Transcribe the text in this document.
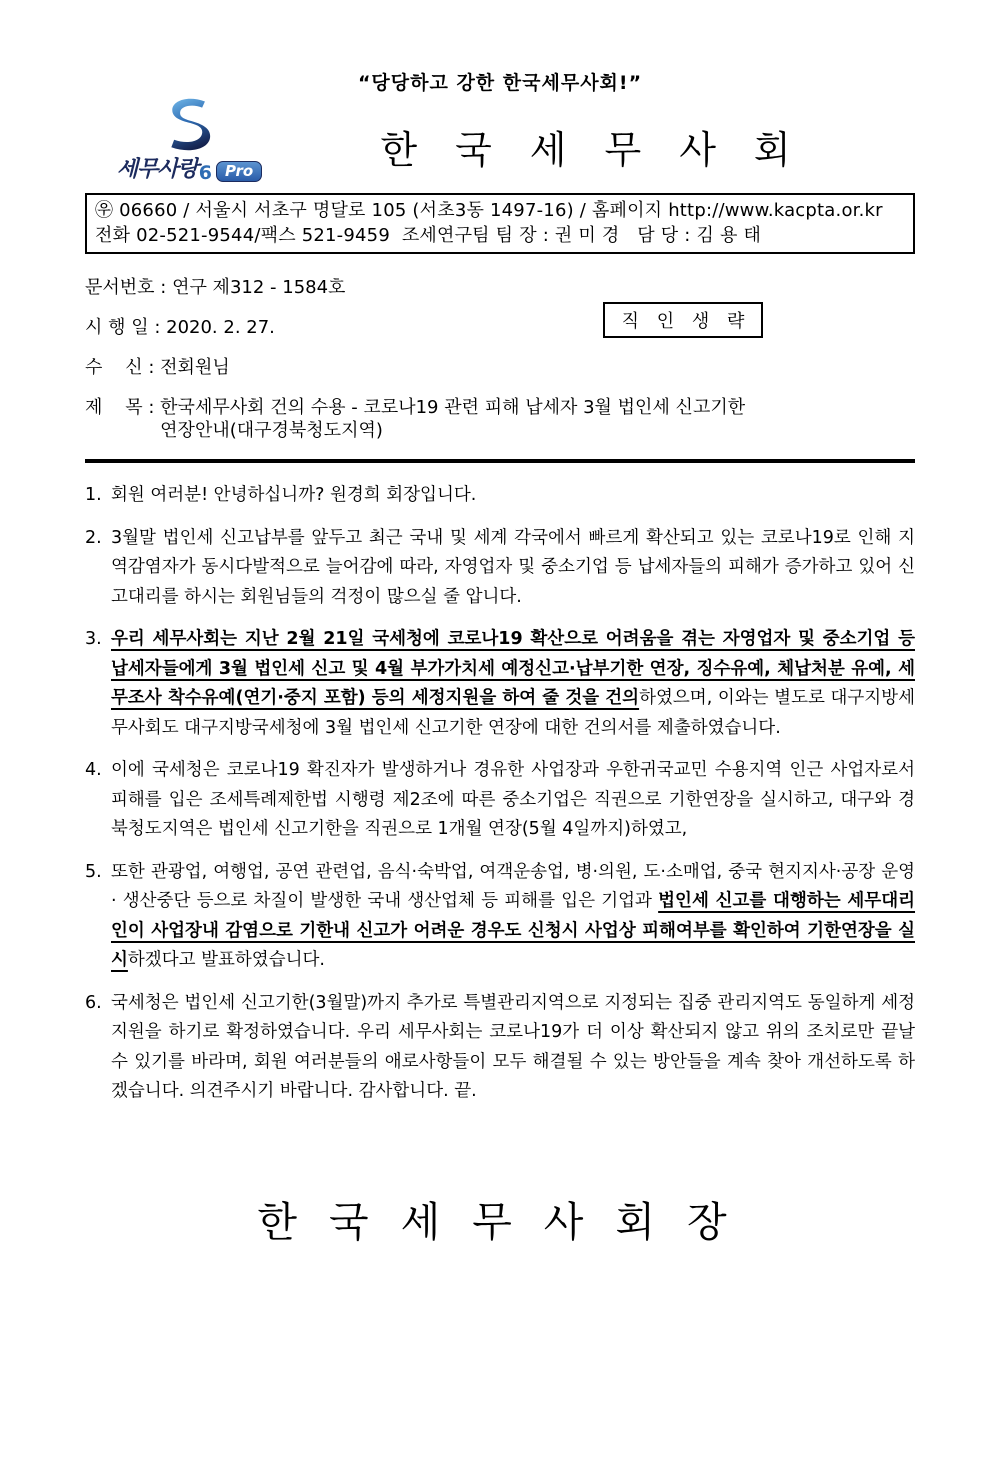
“당당하고 강한 한국세무사회!”
세무사랑 6 Pro	한국세무사회
㉾ 06660 / 서울시 서초구 명달로 105 (서초3동 1497-16) / 홈페이지 http://www.kacpta.or.kr
전화 02-521-9544/팩스 521-9459  조세연구팀 팀 장 : 권 미 경   담 당 : 김 용 태
문서번호 : 연구 제312 - 1584호
시 행 일 : 2020. 2. 27.	직 인 생 략
수    신 : 전회원님
제    목 : 한국세무사회 건의 수용 - 코로나19 관련 피해 납세자 3월 법인세 신고기한
연장안내(대구경북청도지역)
1. 회원 여러분! 안녕하십니까? 원경희 회장입니다.
2. 3월말 법인세 신고납부를 앞두고 최근 국내 및 세계 각국에서 빠르게 확산되고 있는 코로나19로 인해 지역감염자가 동시다발적으로 늘어감에 따라, 자영업자 및 중소기업 등 납세자들의 피해가 증가하고 있어 신고대리를 하시는 회원님들의 걱정이 많으실 줄 압니다.
3. 우리 세무사회는 지난 2월 21일 국세청에 코로나19 확산으로 어려움을 겪는 자영업자 및 중소기업 등 납세자들에게 3월 법인세 신고 및 4월 부가가치세 예정신고·납부기한 연장, 징수유예, 체납처분 유예, 세무조사 착수유예(연기·중지 포함) 등의 세정지원을 하여 줄 것을 건의하였으며, 이와는 별도로 대구지방세무사회도 대구지방국세청에 3월 법인세 신고기한 연장에 대한 건의서를 제출하였습니다.
4. 이에 국세청은 코로나19 확진자가 발생하거나 경유한 사업장과 우한귀국교민 수용지역 인근 사업자로서 피해를 입은 조세특례제한법 시행령 제2조에 따른 중소기업은 직권으로 기한연장을 실시하고, 대구와 경북청도지역은 법인세 신고기한을 직권으로 1개월 연장(5월 4일까지)하였고,
5. 또한 관광업, 여행업, 공연 관련업, 음식·숙박업, 여객운송업, 병·의원, 도·소매업, 중국 현지지사·공장 운영 · 생산중단 등으로 차질이 발생한 국내 생산업체 등 피해를 입은 기업과 법인세 신고를 대행하는 세무대리인이 사업장내 감염으로 기한내 신고가 어려운 경우도 신청시 사업상 피해여부를 확인하여 기한연장을 실시하겠다고 발표하였습니다.
6. 국세청은 법인세 신고기한(3월말)까지 추가로 특별관리지역으로 지정되는 집중 관리지역도 동일하게 세정지원을 하기로 확정하였습니다. 우리 세무사회는 코로나19가 더 이상 확산되지 않고 위의 조치로만 끝날 수 있기를 바라며, 회원 여러분들의 애로사항들이 모두 해결될 수 있는 방안들을 계속 찾아 개선하도록 하겠습니다. 의견주시기 바랍니다. 감사합니다. 끝.
한국세무사회장
